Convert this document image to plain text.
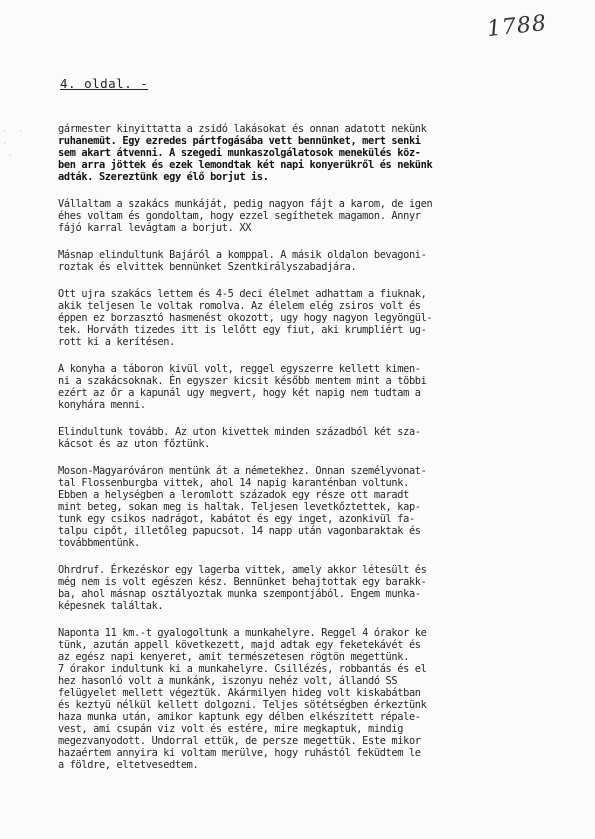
1788
4. oldal. -
·  ·
·
·
gármester kinyittatta a zsidó lakásokat és onnan adatott nekünk
ruhanemüt. Egy ezredes pártfogásába vett bennünket, mert senki
sem akart átvenni. A szegedi munkaszolgálatosok menekülés köz-
ben arra jöttek és ezek lemondtak két napi konyerükről és nekünk
adták. Szereztünk egy élő borjut is.
Vállaltam a szakács munkáját, pedig nagyon fájt a karom, de igen
éhes voltam és gondoltam, hogy ezzel segíthetek magamon. Annyr
fájó karral levágtam a borjut. XX
Másnap elindultunk Bajáról a komppal. A másik oldalon bevagoni-
roztak és elvittek bennünket Szentkirályszabadjára.
Ott ujra szakács lettem és 4-5 deci élelmet adhattam a fiuknak,
akik teljesen le voltak romolva. Az élelem elég zsiros volt és
éppen ez borzasztó hasmenést okozott, ugy hogy nagyon legyöngül-
tek. Horváth tizedes itt is lelőtt egy fiut, aki krumpliért ug-
rott ki a kerítésen.
A konyha a táboron kivül volt, reggel egyszerre kellett kimen-
ni a szakácsoknak. Én egyszer kicsit később mentem mint a többi
ezért az őr a kapunál ugy megvert, hogy két napig nem tudtam a
konyhára menni.
Elindultunk tovább. Az uton kivettek minden századból két sza-
kácsot és az uton főztünk.
Moson-Magyaróváron mentünk át a németekhez. Onnan személyvonat-
tal Flossenburgba vittek, ahol 14 napig karanténban voltunk.
Ebben a helységben a leromlott századok egy része ott maradt
mint beteg, sokan meg is haltak. Teljesen levetkőztettek, kap-
tunk egy csikos nadrágot, kabátot és egy inget, azonkivül fa-
talpu cipőt, illetőleg papucsot. 14 napp után vagonbaraktak és
továbbmentünk.
Ohrdruf. Érkezéskor egy lagerba vittek, amely akkor létesült és
még nem is volt egészen kész. Bennünket behajtottak egy barakk-
ba, ahol másnap osztályoztak munka szempontjából. Engem munka-
képesnek találtak.
Naponta 11 km.-t gyalogoltunk a munkahelyre. Reggel 4 órakor ke
tünk, azután appell következett, majd adtak egy feketekávét és
az egész napi kenyeret, amit természetesen rögtön megettünk.
7 órakor indultunk ki a munkahelyre. Csillézés, robbantás és el
hez hasonló volt a munkánk, iszonyu nehéz volt, állandó SS
felügyelet mellett végeztük. Akármilyen hideg volt kiskabátban
és keztyü nélkül kellett dolgozni. Teljes sötétségben érkeztünk
haza munka után, amikor kaptunk egy délben elkészített répale-
vest, ami csupán viz volt és estére, mire megkaptuk, mindig
megezvanyodott. Undorral ettük, de persze megettük. Este mikor
hazaértem annyira ki voltam merülve, hogy ruhástól feküdtem le
a földre, eltetvesedtem.
